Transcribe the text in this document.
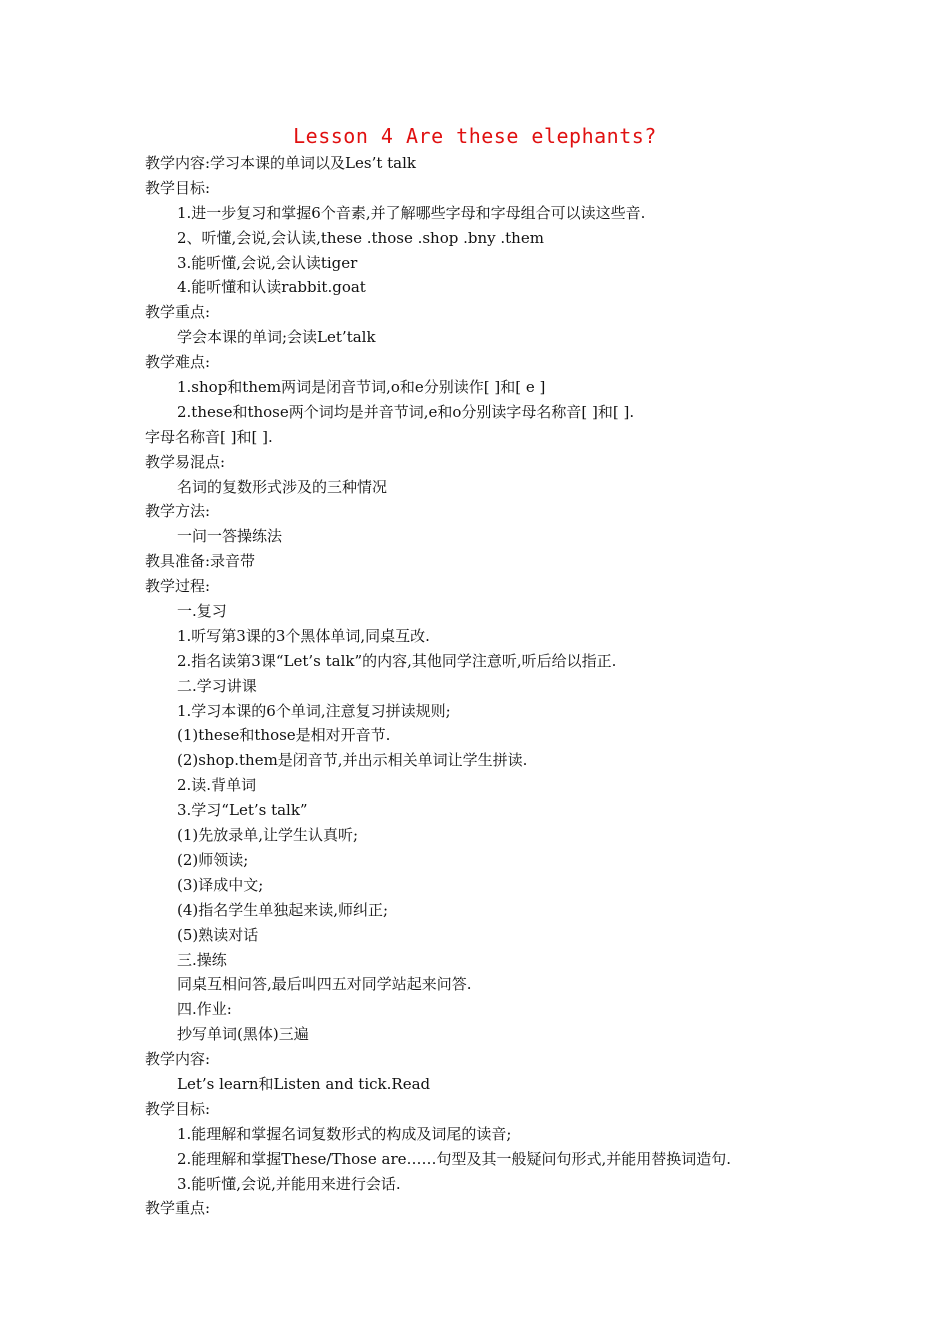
Lesson 4 Are these elephants?
教学内容:学习本课的单词以及Les’t talk
教学目标:
1.进一步复习和掌握6个音素,并了解哪些字母和字母组合可以读这些音.
2、听懂,会说,会认读,these .those .shop .bny .them
3.能听懂,会说,会认读tiger
4.能听懂和认读rabbit.goat
教学重点:
学会本课的单词;会读Let’talk
教学难点:
1.shop和them两词是闭音节词,o和e分别读作[ ]和[ e ]
2.these和those两个词均是并音节词,e和o分别读字母名称音[ ]和[ ].
字母名称音[ ]和[ ].
教学易混点:
名词的复数形式涉及的三种情况
教学方法:
一问一答操练法
教具准备:录音带
教学过程:
一.复习
1.听写第3课的3个黑体单词,同桌互改.
2.指名读第3课“Let’s talk”的内容,其他同学注意听,听后给以指正.
二.学习讲课
1.学习本课的6个单词,注意复习拼读规则;
(1)these和those是相对开音节.
(2)shop.them是闭音节,并出示相关单词让学生拼读.
2.读.背单词
3.学习“Let’s talk”
(1)先放录单,让学生认真听;
(2)师领读;
(3)译成中文;
(4)指名学生单独起来读,师纠正;
(5)熟读对话
三.操练
同桌互相问答,最后叫四五对同学站起来问答.
四.作业:
抄写单词(黑体)三遍
教学内容:
Let’s learn和Listen and tick.Read
教学目标:
1.能理解和掌握名词复数形式的构成及词尾的读音;
2.能理解和掌握These/Those are……句型及其一般疑问句形式,并能用替换词造句.
3.能听懂,会说,并能用来进行会话.
教学重点:
